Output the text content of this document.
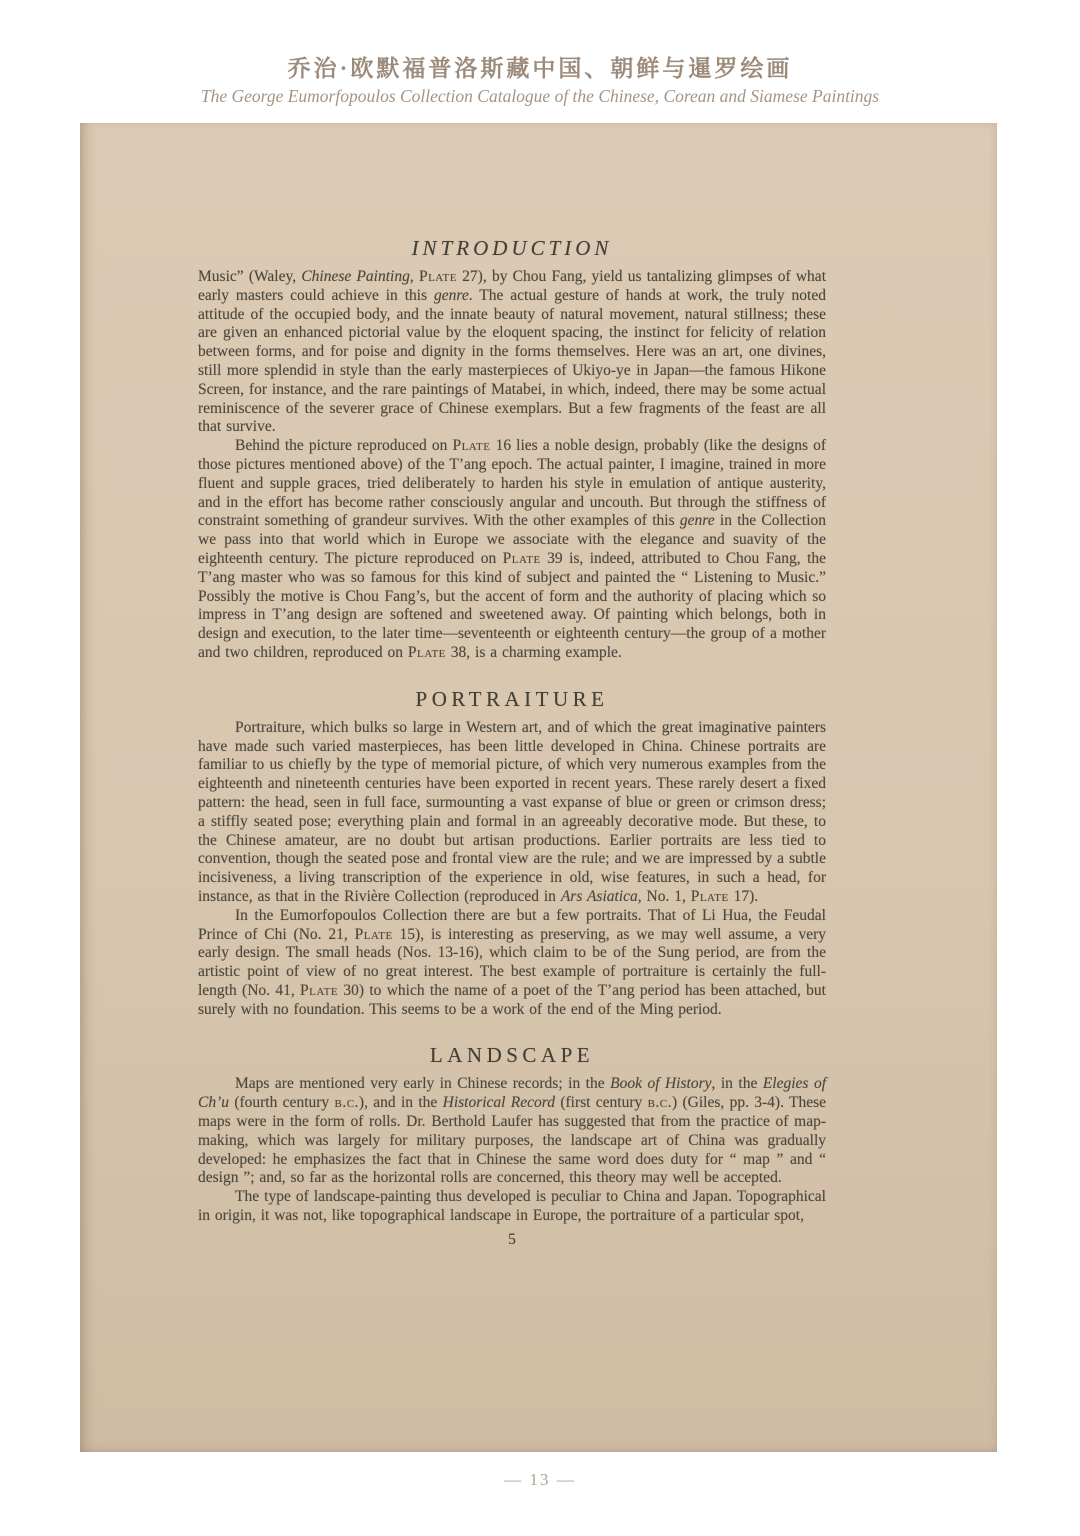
乔治·欧默福普洛斯藏中国、朝鲜与暹罗绘画
The George Eumorfopoulos Collection Catalogue of the Chinese, Corean and Siamese Paintings
INTRODUCTION

Music” (Waley, Chinese Painting, Plate 27), by Chou Fang, yield us tantalizing glimpses of what early masters could achieve in this genre. The actual gesture of hands at work, the truly noted attitude of the occupied body, and the innate beauty of natural movement, natural stillness; these are given an enhanced pictorial value by the eloquent spacing, the instinct for felicity of relation between forms, and for poise and dignity in the forms themselves. Here was an art, one divines, still more splendid in style than the early masterpieces of Ukiyo-ye in Japan—the famous Hikone Screen, for instance, and the rare paintings of Matabei, in which, indeed, there may be some actual reminiscence of the severer grace of Chinese exemplars. But a few fragments of the feast are all that survive.

Behind the picture reproduced on Plate 16 lies a noble design, probably (like the designs of those pictures mentioned above) of the T’ang epoch. The actual painter, I imagine, trained in more fluent and supple graces, tried deliberately to harden his style in emulation of antique austerity, and in the effort has become rather consciously angular and uncouth. But through the stiffness of constraint something of grandeur survives. With the other examples of this genre in the Collection we pass into that world which in Europe we associate with the elegance and suavity of the eighteenth century. The picture reproduced on Plate 39 is, indeed, attributed to Chou Fang, the T’ang master who was so famous for this kind of subject and painted the “ Listening to Music.” Possibly the motive is Chou Fang’s, but the accent of form and the authority of placing which so impress in T’ang design are softened and sweetened away. Of painting which belongs, both in design and execution, to the later time—seventeenth or eighteenth century—the group of a mother and two children, reproduced on Plate 38, is a charming example.

PORTRAITURE

Portraiture, which bulks so large in Western art, and of which the great imaginative painters have made such varied masterpieces, has been little developed in China. Chinese portraits are familiar to us chiefly by the type of memorial picture, of which very numerous examples from the eighteenth and nineteenth centuries have been exported in recent years. These rarely desert a fixed pattern: the head, seen in full face, surmounting a vast expanse of blue or green or crimson dress; a stiffly seated pose; everything plain and formal in an agreeably decorative mode. But these, to the Chinese amateur, are no doubt but artisan productions. Earlier portraits are less tied to convention, though the seated pose and frontal view are the rule; and we are impressed by a subtle incisiveness, a living transcription of the experience in old, wise features, in such a head, for instance, as that in the Rivière Collection (reproduced in Ars Asiatica, No. 1, Plate 17).

In the Eumorfopoulos Collection there are but a few portraits. That of Li Hua, the Feudal Prince of Chi (No. 21, Plate 15), is interesting as preserving, as we may well assume, a very early design. The small heads (Nos. 13-16), which claim to be of the Sung period, are from the artistic point of view of no great interest. The best example of portraiture is certainly the full-length (No. 41, Plate 30) to which the name of a poet of the T’ang period has been attached, but surely with no foundation. This seems to be a work of the end of the Ming period.

LANDSCAPE

Maps are mentioned very early in Chinese records; in the Book of History, in the Elegies of Ch’u (fourth century b.c.), and in the Historical Record (first century b.c.) (Giles, pp. 3-4). These maps were in the form of rolls. Dr. Berthold Laufer has suggested that from the practice of map-making, which was largely for military purposes, the landscape art of China was gradually developed: he emphasizes the fact that in Chinese the same word does duty for “ map ” and “ design ”; and, so far as the horizontal rolls are concerned, this theory may well be accepted.

The type of landscape-painting thus developed is peculiar to China and Japan. Topographical in origin, it was not, like topographical landscape in Europe, the portraiture of a particular spot,

5
— 13 —
